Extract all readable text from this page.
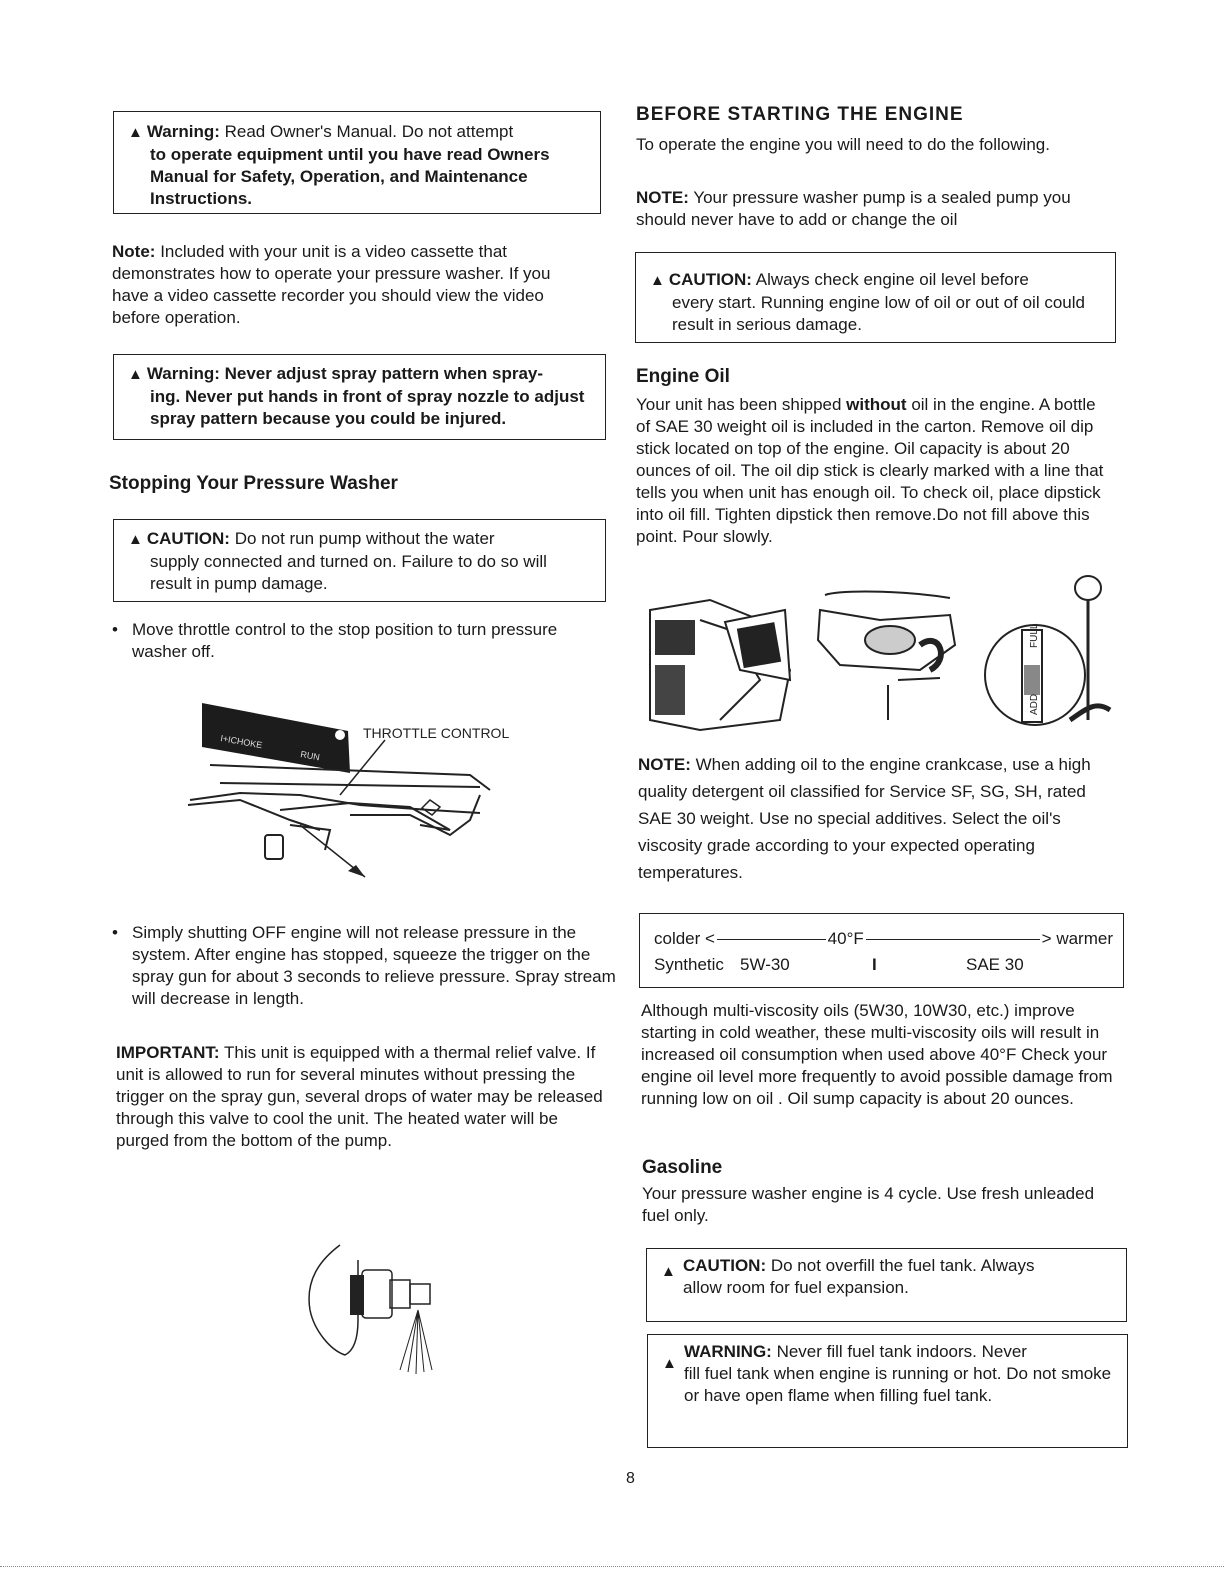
▲ Warning: Read Owner's Manual. Do not attempt
to operate equipment until you have read Owners Manual for Safety, Operation, and Maintenance Instructions.
Note: Included with your unit is a video cassette that demonstrates how to operate your pressure washer. If you have a video cassette recorder you should view the video before operation.
▲ Warning: Never adjust spray pattern when spray-
ing. Never put hands in front of spray nozzle to adjust spray pattern because you could be injured.
Stopping Your Pressure Washer
▲ CAUTION: Do not run pump without the water
supply connected and turned on. Failure to do so will result in pump damage.
• Move throttle control to the stop position to turn pressure washer off.
I+ICHOKE
RUN
THROTTLE CONTROL
• Simply shutting OFF engine will not release pressure in the system. After engine has stopped, squeeze the trigger on the spray gun for about 3 seconds to relieve pressure. Spray stream will decrease in length.
IMPORTANT: This unit is equipped with a thermal relief valve. If unit is allowed to run for several minutes without pressing the trigger on the spray gun, several drops of water may be released through this valve to cool the unit. The heated water will be purged from the bottom of the pump.
BEFORE STARTING THE ENGINE
To operate the engine you will need to do the following.
NOTE: Your pressure washer pump is a sealed pump you should never have to add or change the oil
▲ CAUTION: Always check engine oil level before
every start. Running engine low of oil or out of oil could result in serious damage.
Engine Oil
Your unit has been shipped without oil in the engine. A bottle of SAE 30 weight oil is included in the carton. Remove oil dip stick located on top of the engine. Oil capacity is about 20 ounces of oil. The oil dip stick is clearly marked with a line that tells you when unit has enough oil. To check oil, place dipstick into oil fill. Tighten dipstick then remove.Do not fill above this point. Pour slowly.
FULL
ADD
NOTE: When adding oil to the engine crankcase, use a high quality detergent oil classified for Service SF, SG, SH, rated SAE 30 weight. Use no special additives. Select the oil's viscosity grade according to your expected operating temperatures.
colder <	40°F	> warmer
Synthetic 5W-30	I	SAE 30
Although multi-viscosity oils (5W30, 10W30, etc.) improve starting in cold weather, these multi-viscosity oils will result in increased oil consumption when used above 40°F Check your engine oil level more frequently to avoid possible damage from running low on oil . Oil sump capacity is about 20 ounces.
Gasoline
Your pressure washer engine is 4 cycle. Use fresh unleaded fuel only.
▲ CAUTION: Do not overfill the fuel tank. Always
allow room for fuel expansion.
▲
WARNING: Never fill fuel tank indoors. Never
fill fuel tank when engine is running or hot. Do not smoke or have open flame when filling fuel tank.
8
